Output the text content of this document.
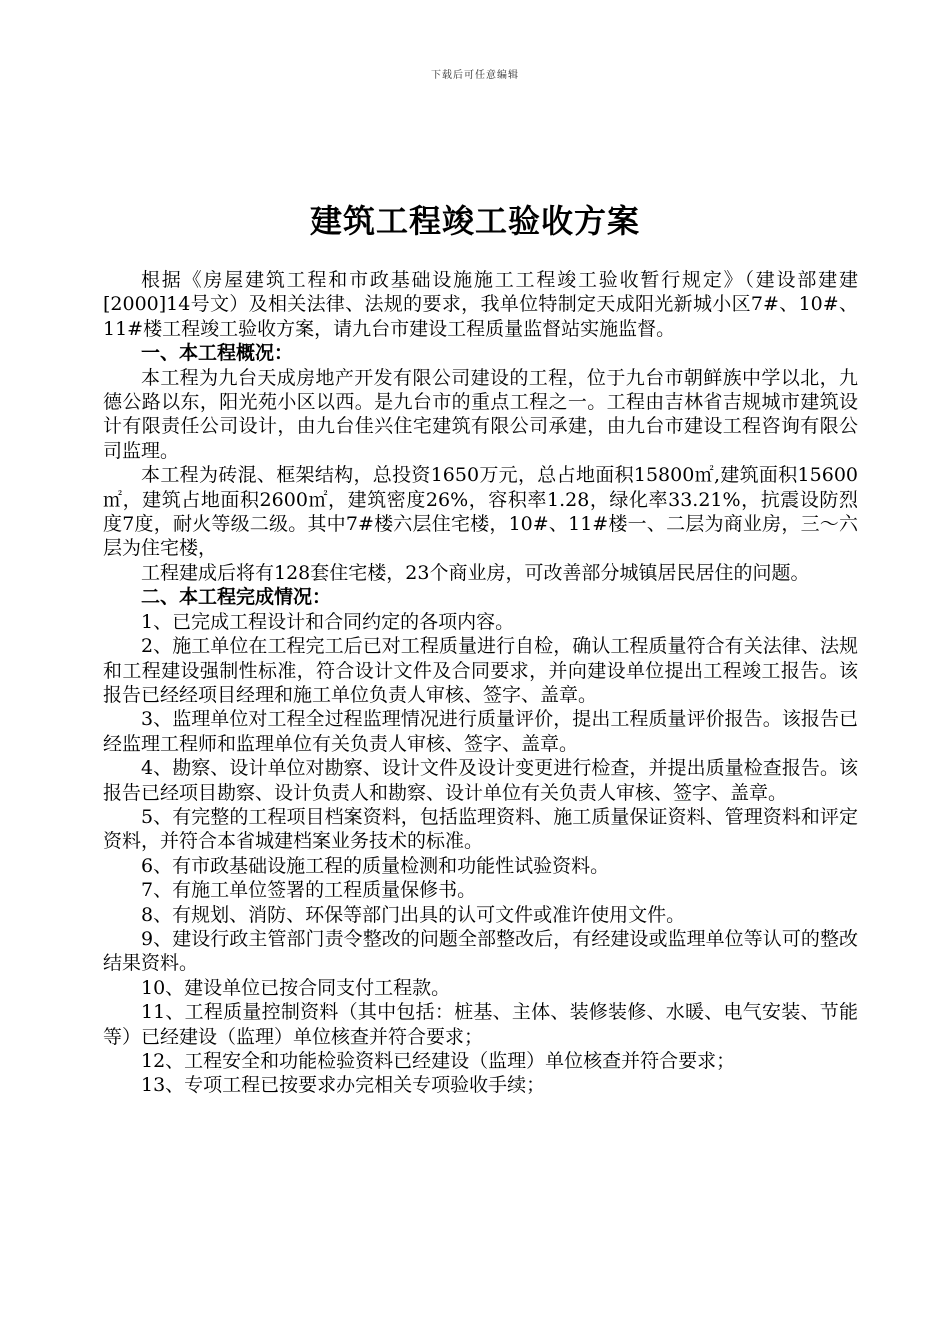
下载后可任意编辑
建筑工程竣工验收方案

根据《房屋建筑工程和市政基础设施施工工程竣工验收暂行规定》（建设部建建[2000]14号文）及相关法律、法规的要求，我单位特制定天成阳光新城小区7#、10#、11#楼工程竣工验收方案，请九台市建设工程质量监督站实施监督。

一、本工程概况：

本工程为九台天成房地产开发有限公司建设的工程，位于九台市朝鲜族中学以北，九德公路以东，阳光苑小区以西。是九台市的重点工程之一。工程由吉林省吉规城市建筑设计有限责任公司设计，由九台佳兴住宅建筑有限公司承建，由九台市建设工程咨询有限公司监理。

本工程为砖混、框架结构，总投资1650万元，总占地面积15800㎡,建筑面积15600㎡，建筑占地面积2600㎡，建筑密度26%，容积率1.28，绿化率33.21%，抗震设防烈度7度，耐火等级二级。其中7#楼六层住宅楼，10#、11#楼一、二层为商业房，三～六层为住宅楼，

工程建成后将有128套住宅楼，23个商业房，可改善部分城镇居民居住的问题。

二、本工程完成情况：

1、已完成工程设计和合同约定的各项内容。

2、施工单位在工程完工后已对工程质量进行自检，确认工程质量符合有关法律、法规和工程建设强制性标准，符合设计文件及合同要求，并向建设单位提出工程竣工报告。该报告已经经项目经理和施工单位负责人审核、签字、盖章。

3、监理单位对工程全过程监理情况进行质量评价，提出工程质量评价报告。该报告已经监理工程师和监理单位有关负责人审核、签字、盖章。

4、勘察、设计单位对勘察、设计文件及设计变更进行检查，并提出质量检查报告。该报告已经项目勘察、设计负责人和勘察、设计单位有关负责人审核、签字、盖章。

5、有完整的工程项目档案资料，包括监理资料、施工质量保证资料、管理资料和评定资料，并符合本省城建档案业务技术的标准。

6、有市政基础设施工程的质量检测和功能性试验资料。

7、有施工单位签署的工程质量保修书。

8、有规划、消防、环保等部门出具的认可文件或准许使用文件。

9、建设行政主管部门责令整改的问题全部整改后，有经建设或监理单位等认可的整改结果资料。

10、建设单位已按合同支付工程款。

11、工程质量控制资料（其中包括：桩基、主体、装修装修、水暖、电气安装、节能等）已经建设（监理）单位核查并符合要求；

12、工程安全和功能检验资料已经建设（监理）单位核查并符合要求；

13、专项工程已按要求办完相关专项验收手续；
